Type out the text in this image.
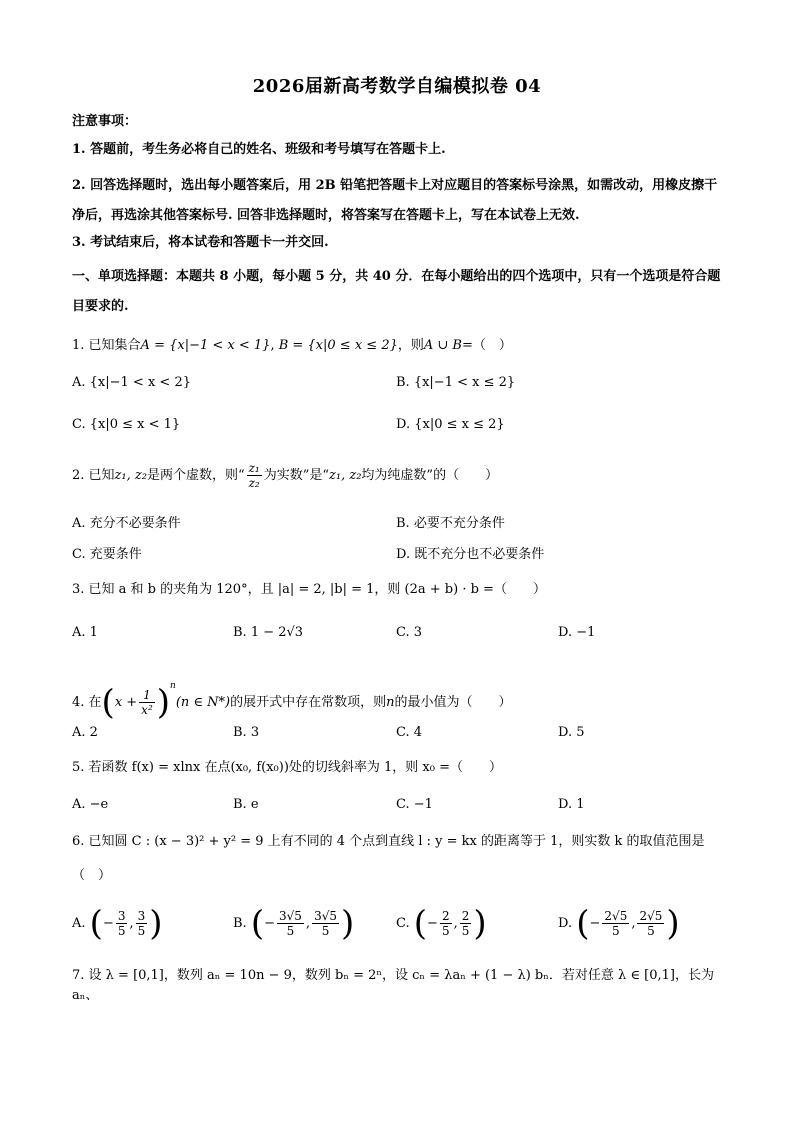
2026届新高考数学自编模拟卷 04
注意事项：
1. 答题前，考生务必将自己的姓名、班级和考号填写在答题卡上.
2. 回答选择题时，选出每小题答案后，用 2B 铅笔把答题卡上对应题目的答案标号涂黑，如需改动，用橡皮擦干净后，再选涂其他答案标号. 回答非选择题时，将答案写在答题卡上，写在本试卷上无效.
3. 考试结束后，将本试卷和答题卡一并交回.
一、单项选择题：本题共 8 小题，每小题 5 分，共 40 分．在每小题给出的四个选项中，只有一个选项是符合题目要求的.
1. 已知集合A = {x|−1 < x < 1}, B = {x|0 ≤ x ≤ 2}，则A ∪ B=（　）
A. {x|−1 < x < 2}	B. {x|−1 < x ≤ 2}
C. {x|0 ≤ x < 1}	D. {x|0 ≤ x ≤ 2}
2. 已知z₁, z₂是两个虚数，则“ $\frac{\text{z₁}}{\text{z₂}}$ 为实数”是“z₁, z₂均为纯虚数”的（　　）
A. 充分不必要条件	B. 必要不充分条件
C. 充要条件	D. 既不充分也不必要条件
3. 已知 a 和 b 的夹角为 120°，且 |a| = 2, |b| = 1，则 (2a + b) · b =（　　）
A. 1	B. 1 − 2√3	C. 3	D. −1
4. 在$(x + \frac{1}{\text{x²}} )^n(n$ ∈ N*)的展开式中存在常数项，则n的最小值为（　　）
A. 2	B. 3	C. 4	D. 5
5. 若函数 f(x) = xlnx 在点(x₀, f(x₀))处的切线斜率为 1，则 x₀ =（　　）
A. −e	B. e	C. −1	D. 1
6. 已知圆 C : (x − 3)² + y² = 9 上有不同的 4 个点到直线 l : y = kx 的距离等于 1，则实数 k 的取值范围是
（　）
A. (− $\frac{3}{5}$ , $\frac{3}{5}$ )	B. (− $\frac{3√5}{5}$ , $\frac{3√5}{5}$ )	C. (− $\frac{2}{5}$ , $\frac{2}{5}$ )	D. (− $\frac{2√5}{5}$ , $\frac{2√5}{5}$ )
7. 设 λ = [0,1]，数列 aₙ = 10n − 9，数列 bₙ = 2ⁿ，设 cₙ = λaₙ + (1 − λ) bₙ．若对任意 λ ∈ [0,1]，长为 aₙ、
